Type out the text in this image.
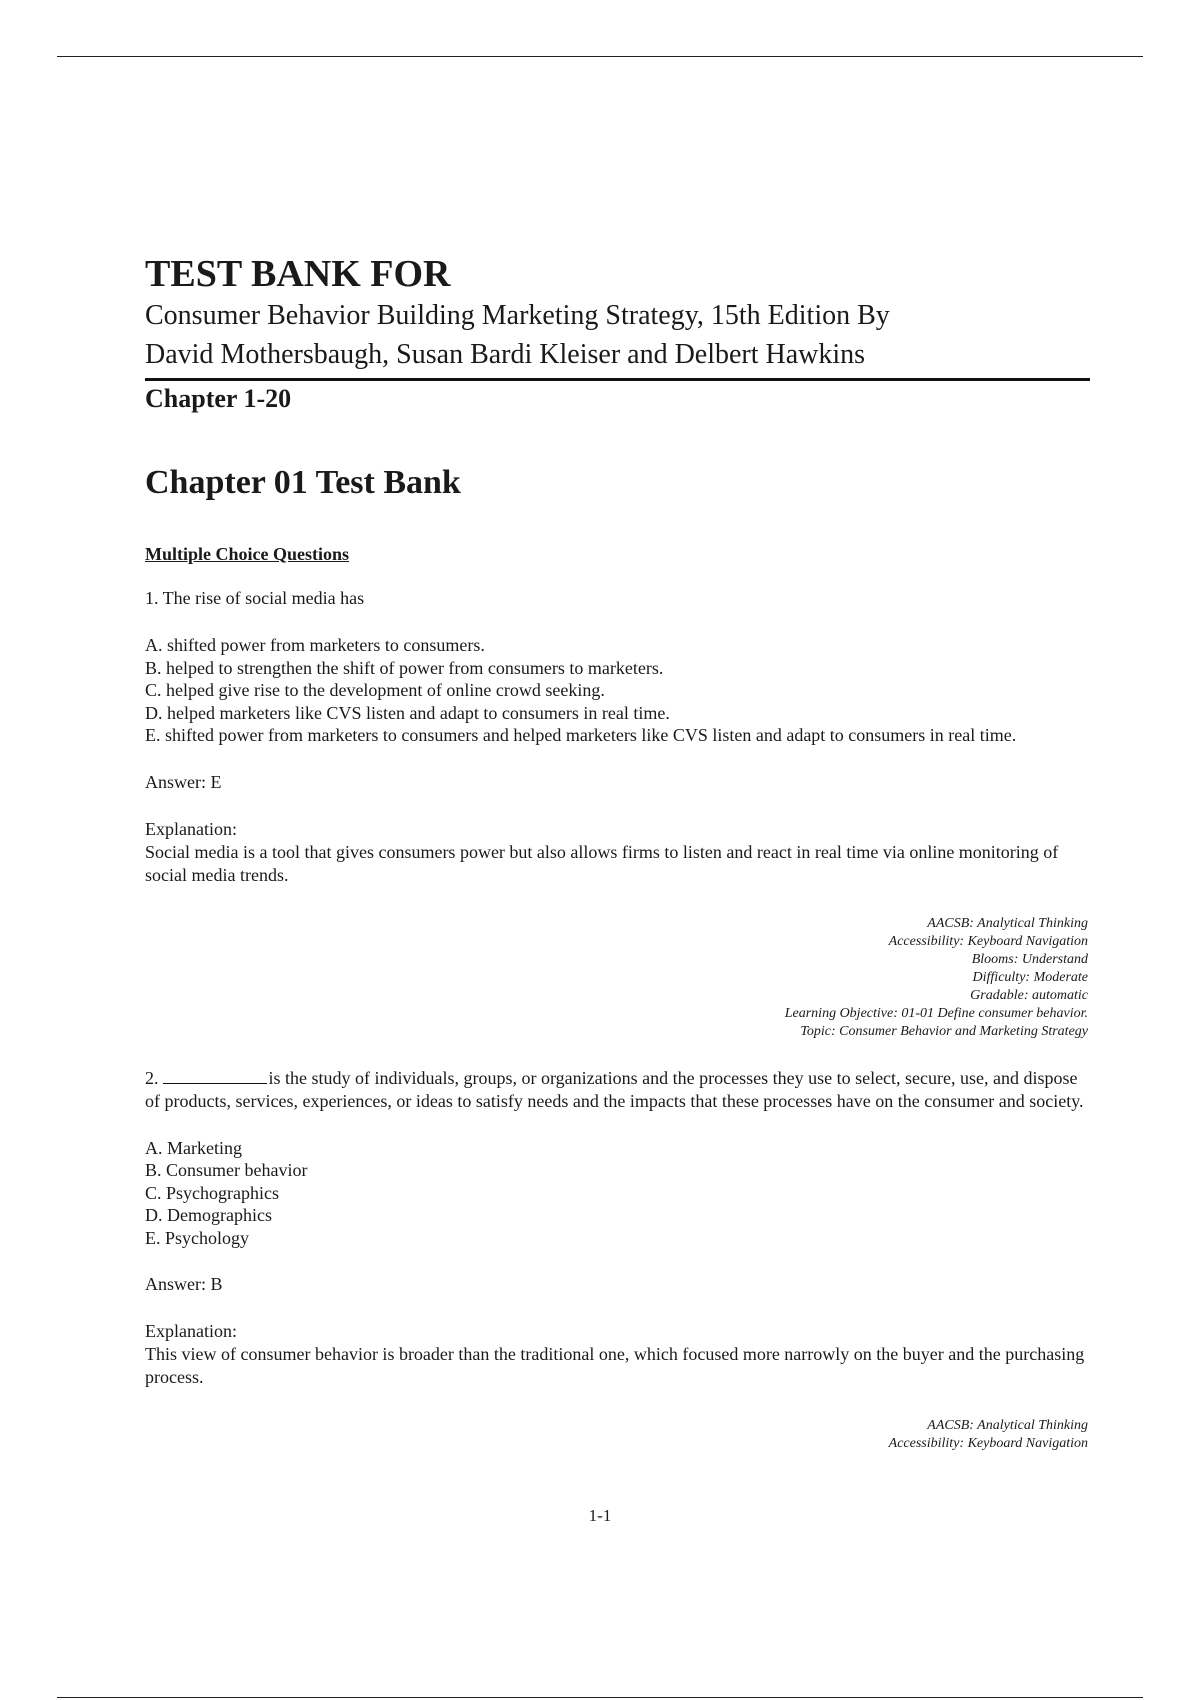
TEST BANK FOR

Consumer Behavior Building Marketing Strategy, 15th Edition By

David Mothersbaugh, Susan Bardi Kleiser and Delbert Hawkins

Chapter 1-20

Chapter 01 Test Bank
Multiple Choice Questions

1. The rise of social media has

A. shifted power from marketers to consumers.
B. helped to strengthen the shift of power from consumers to marketers.
C. helped give rise to the development of online crowd seeking.
D. helped marketers like CVS listen and adapt to consumers in real time.
E. shifted power from marketers to consumers and helped marketers like CVS listen and adapt to consumers in real time.

Answer: E

Explanation:

Social media is a tool that gives consumers power but also allows firms to listen and react in real time via online monitoring of social media trends.

AACSB: Analytical Thinking
Accessibility: Keyboard Navigation
Blooms: Understand
Difficulty: Moderate
Gradable: automatic
Learning Objective: 01-01 Define consumer behavior.
Topic: Consumer Behavior and Marketing Strategy

2.	is the study of individuals, groups, or organizations and the processes they use to select, secure, use, and dispose of products, services, experiences, or ideas to satisfy needs and the impacts that these processes have on the consumer and society.

A. Marketing
B. Consumer behavior
C. Psychographics
D. Demographics
E. Psychology

Answer: B

Explanation:

This view of consumer behavior is broader than the traditional one, which focused more narrowly on the buyer and the purchasing process.

AACSB: Analytical Thinking
Accessibility: Keyboard Navigation
1-1
